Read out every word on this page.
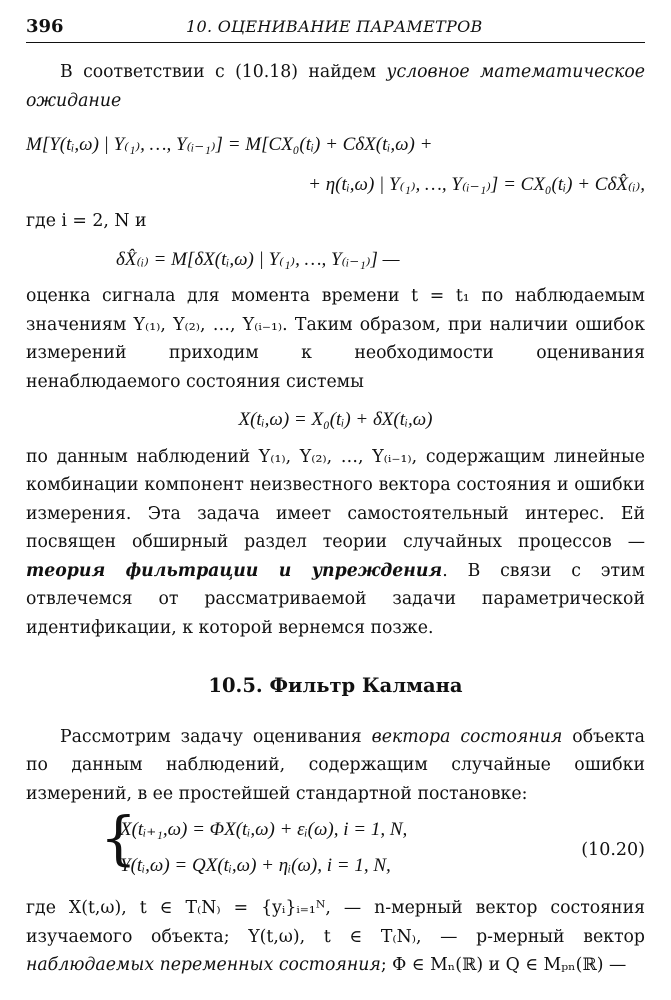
396	10. ОЦЕНИВАНИЕ ПАРАМЕТРОВ

В соответствии с (10.18) найдем условное математическое ожидание

M[Y(tᵢ,ω) | Y₍₁₎, …, Y₍ᵢ₋₁₎] = M[CX₀(tᵢ) + CδX(tᵢ,ω) +
+ η(tᵢ,ω) | Y₍₁₎, …, Y₍ᵢ₋₁₎] = CX₀(tᵢ) + CδX̂₍ᵢ₎,

где i = 2, N и

δX̂₍ᵢ₎ = M[δX(tᵢ,ω) | Y₍₁₎, …, Y₍ᵢ₋₁₎] —

оценка сигнала для момента времени t = t₁ по наблюдаемым значениям Y₍₁₎, Y₍₂₎, …, Y₍ᵢ₋₁₎. Таким образом, при наличии ошибок измерений приходим к необходимости оценивания ненаблюдаемого состояния системы

X(tᵢ,ω) = X₀(tᵢ) + δX(tᵢ,ω)

по данным наблюдений Y₍₁₎, Y₍₂₎, …, Y₍ᵢ₋₁₎, содержащим линейные комбинации компонент неизвестного вектора состояния и ошибки измерения. Эта задача имеет самостоятельный интерес. Ей посвящен обширный раздел теории случайных процессов — теория фильтрации и упреждения. В связи с этим отвлечемся от рассматриваемой задачи параметрической идентификации, к которой вернемся позже.

10.5. Фильтр Калмана

Рассмотрим задачу оценивания вектора состояния объекта по данным наблюдений, содержащим случайные ошибки измерений, в ее простейшей стандартной постановке:

{
X(tᵢ₊₁,ω) = ΦX(tᵢ,ω) + εᵢ(ω), i = 1, N,
Y(tᵢ,ω) = QX(tᵢ,ω) + ηᵢ(ω), i = 1, N,
(10.20)

где X(t,ω), t ∈ T₍N₎ = {yᵢ}ᵢ₌₁ᴺ, — n-мерный вектор состояния изучаемого объекта; Y(t,ω), t ∈ T₍N₎, — p-мерный вектор наблюдаемых переменных состояния; Φ ∈ Mₙ(ℝ) и Q ∈ Mₚₙ(ℝ) —
